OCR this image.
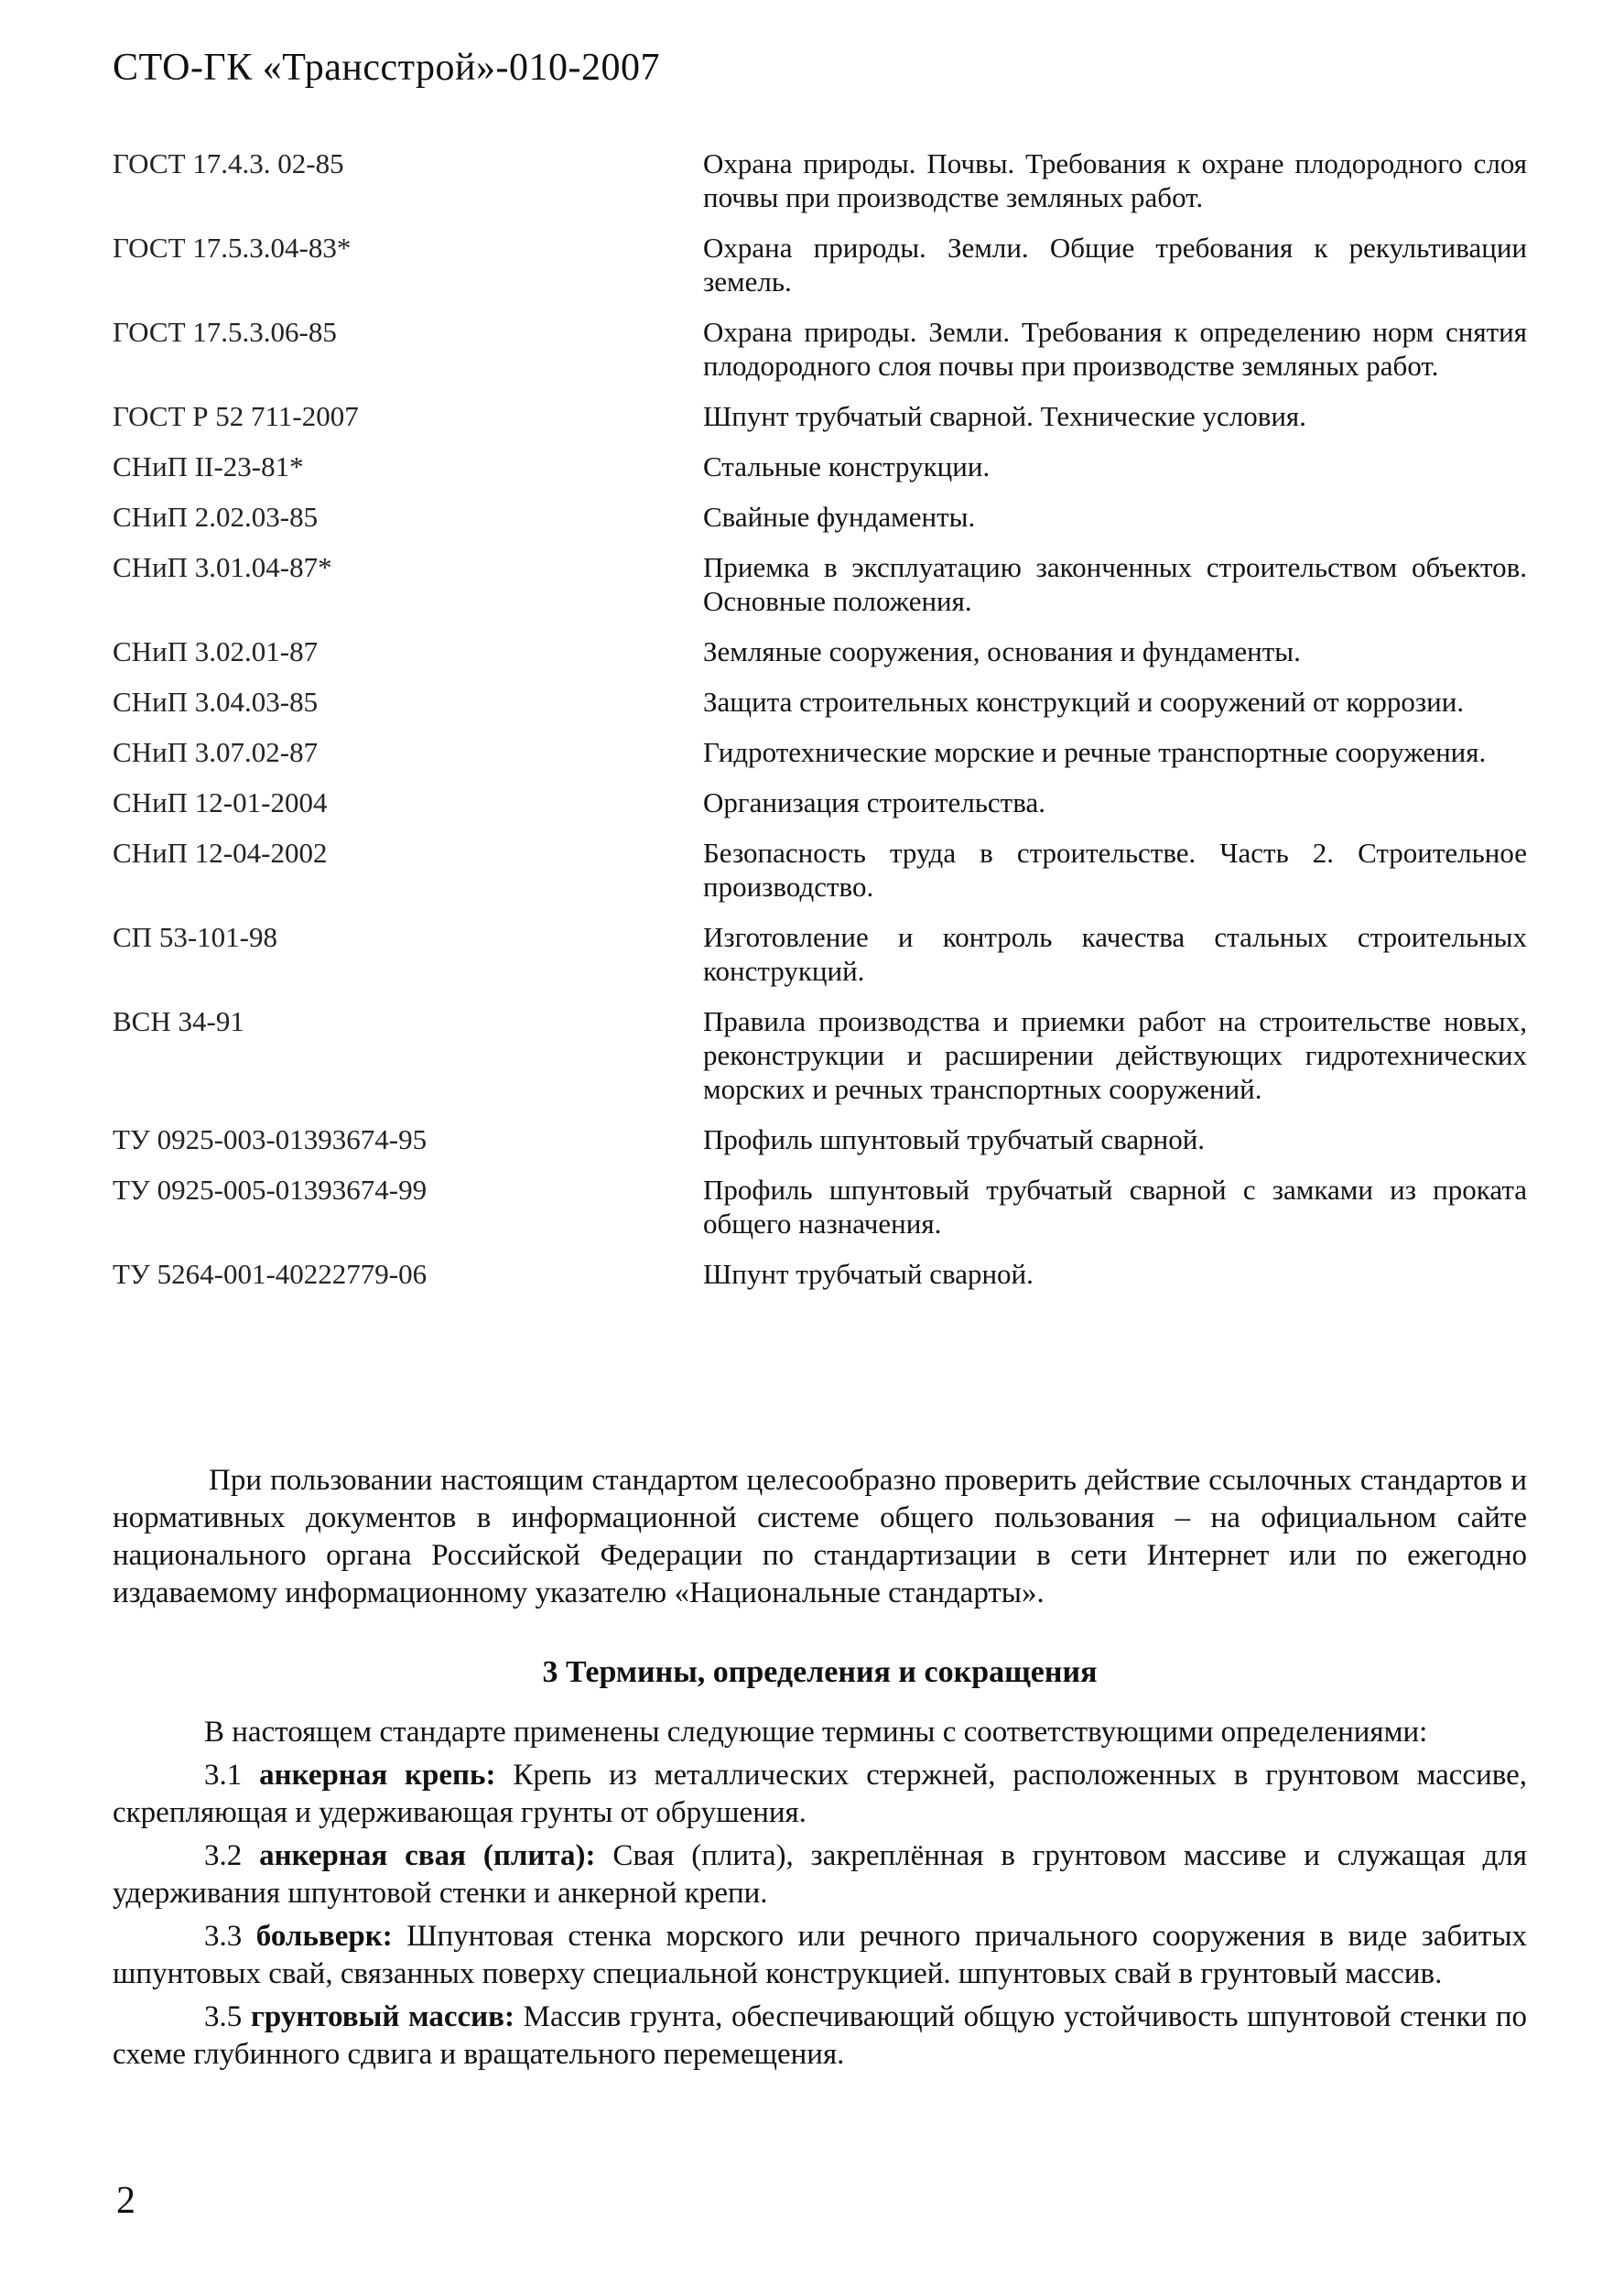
СТО-ГК «Трансстрой»-010-2007
ГОСТ 17.4.3. 02-85	Охрана природы. Почвы. Требования к охране плодородного слоя почвы при производстве земляных работ.
ГОСТ 17.5.3.04-83*	Охрана природы. Земли. Общие требования к рекультивации земель.
ГОСТ 17.5.3.06-85	Охрана природы. Земли. Требования к определению норм снятия плодородного слоя почвы при производстве земляных работ.
ГОСТ Р 52 711-2007	Шпунт трубчатый сварной. Технические условия.
СНиП II-23-81*	Стальные конструкции.
СНиП 2.02.03-85	Свайные фундаменты.
СНиП 3.01.04-87*	Приемка в эксплуатацию законченных строительством объектов. Основные положения.
СНиП 3.02.01-87	Земляные сооружения, основания и фундаменты.
СНиП 3.04.03-85	Защита строительных конструкций и сооружений от коррозии.
СНиП 3.07.02-87	Гидротехнические морские и речные транспортные сооружения.
СНиП 12-01-2004	Организация строительства.
СНиП 12-04-2002	Безопасность труда в строительстве. Часть 2. Строительное производство.
СП 53-101-98	Изготовление и контроль качества стальных строительных конструкций.
ВСН 34-91	Правила производства и приемки работ на строительстве новых, реконструкции и расширении действующих гидротехнических морских и речных транспортных сооружений.
ТУ 0925-003-01393674-95	Профиль шпунтовый трубчатый сварной.
ТУ 0925-005-01393674-99	Профиль шпунтовый трубчатый сварной с замками из проката общего назначения.
ТУ 5264-001-40222779-06	Шпунт трубчатый сварной.
При пользовании настоящим стандартом целесообразно проверить действие ссылочных стандартов и нормативных документов в информационной системе общего пользования – на официальном сайте национального органа Российской Федерации по стандартизации в сети Интернет или по ежегодно издаваемому информационному указателю «Национальные стандарты».
3 Термины, определения и сокращения
В настоящем стандарте применены следующие термины с соответствующими определениями:
3.1 анкерная крепь: Крепь из металлических стержней, расположенных в грунтовом массиве, скрепляющая и удерживающая грунты от обрушения.
3.2 анкерная свая (плита): Свая (плита), закреплённая в грунтовом массиве и служащая для удерживания шпунтовой стенки и анкерной крепи.
3.3 больверк: Шпунтовая стенка морского или речного причального сооружения в виде забитых шпунтовых свай, связанных поверху специальной конструкцией. шпунтовых свай в грунтовый массив.
3.5 грунтовый массив: Массив грунта, обеспечивающий общую устойчивость шпунтовой стенки по схеме глубинного сдвига и вращательного перемещения.
2
